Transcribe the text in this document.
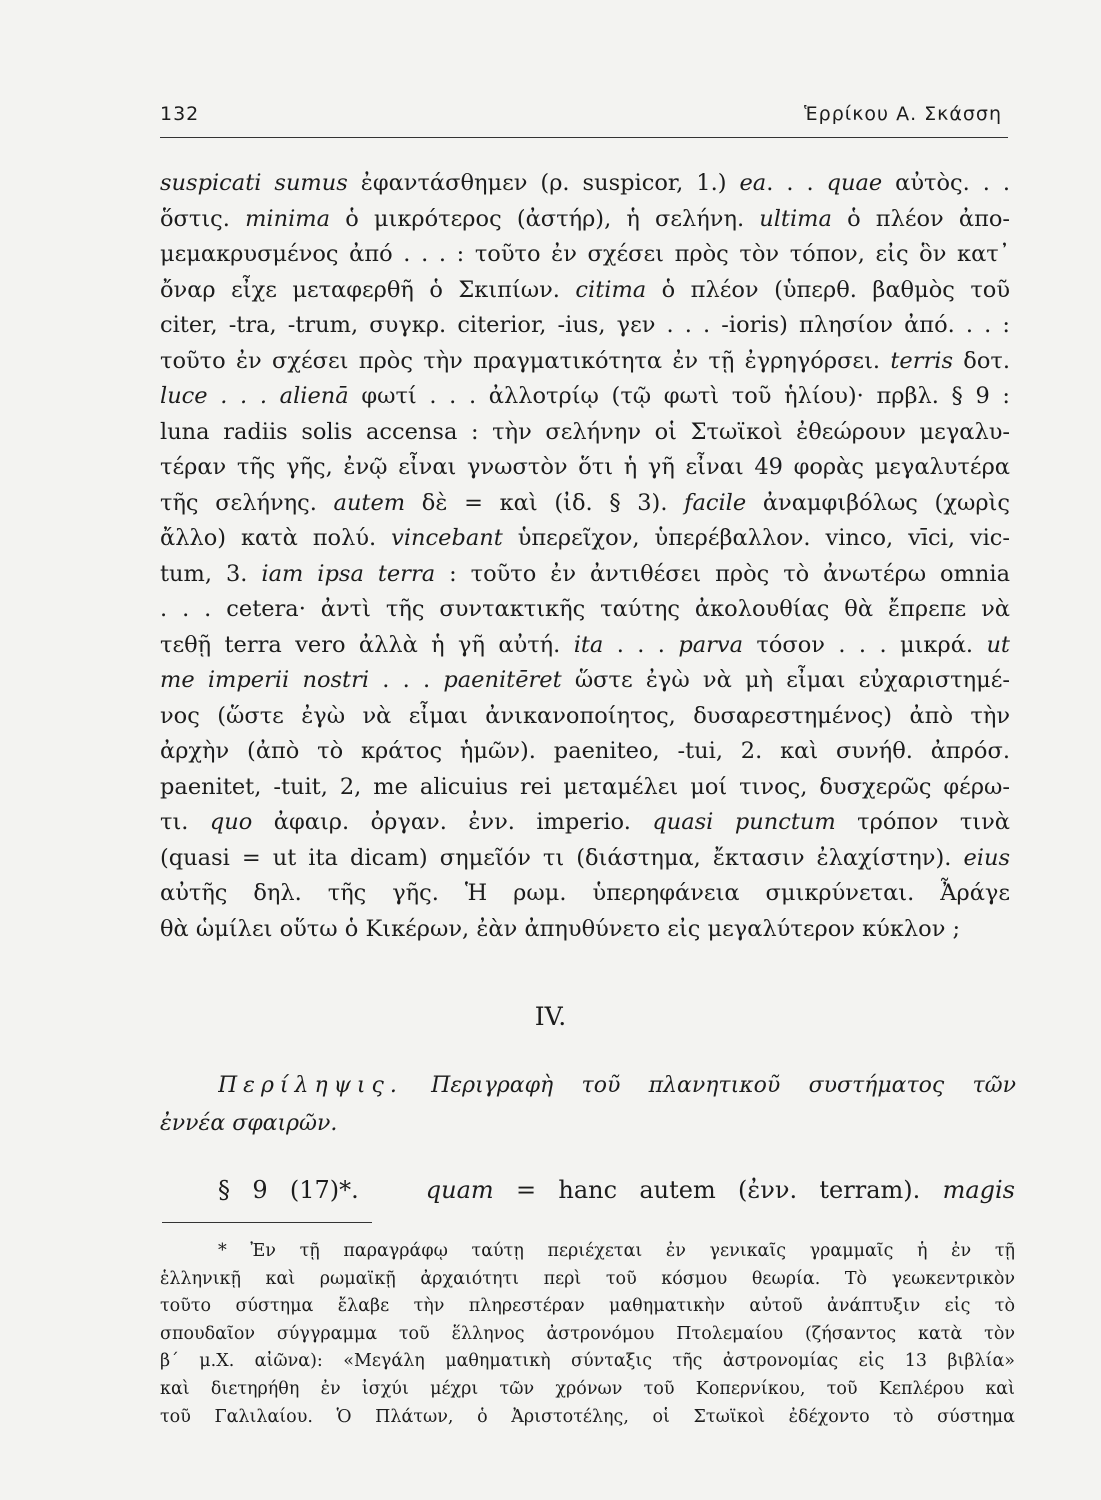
132	Ἑρρίκου Α. Σκάσση
suspicati sumus ἐφαντάσθημεν (ρ. suspicor, 1.) ea. . . quae αὐτὸς. . .
ὅστις. minima ὁ μικρότερος (ἀστήρ), ἡ σελήνη. ultima ὁ πλέον ἀπο-
μεμακρυσμένος ἀπό . . . : τοῦτο ἐν σχέσει πρὸς τὸν τόπον, εἰς ὃν κατ᾿
ὄναρ εἶχε μεταφερθῆ ὁ Σκιπίων. citima ὁ πλέον (ὑπερθ. βαθμὸς τοῦ
citer, -tra, -trum, συγκρ. citerior, -ius, γεν . . . -ioris) πλησίον ἀπό. . . :
τοῦτο ἐν σχέσει πρὸς τὴν πραγματικότητα ἐν τῇ ἐγρηγόρσει. terris δοτ.
luce . . . alienā φωτί . . . ἀλλοτρίῳ (τῷ φωτὶ τοῦ ἡλίου)· πρβλ. § 9 :
luna radiis solis accensa : τὴν σελήνην οἱ Στωϊκοὶ ἐθεώρουν μεγαλυ-
τέραν τῆς γῆς, ἐνῷ εἶναι γνωστὸν ὅτι ἡ γῆ εἶναι 49 φορὰς μεγαλυτέρα
τῆς σελήνης. autem δὲ = καὶ (ἰδ. § 3). facile ἀναμφιβόλως (χωρὶς
ἄλλο) κατὰ πολύ. vincebant ὑπερεῖχον, ὑπερέβαλλον. vinco, vīci, vic-
tum, 3. iam ipsa terra : τοῦτο ἐν ἀντιθέσει πρὸς τὸ ἀνωτέρω omnia
. . . cetera· ἀντὶ τῆς συντακτικῆς ταύτης ἀκολουθίας θὰ ἔπρεπε νὰ
τεθῇ terra vero ἀλλὰ ἡ γῆ αὐτή. ita . . . parva τόσον . . . μικρά. ut
me imperii nostri . . . paenitēret ὥστε ἐγὼ νὰ μὴ εἶμαι εὐχαριστημέ-
νος (ὥστε ἐγὼ νὰ εἶμαι ἀνικανοποίητος, δυσαρεστημένος) ἀπὸ τὴν
ἀρχὴν (ἀπὸ τὸ κράτος ἡμῶν). paeniteo, -tui, 2. καὶ συνήθ. ἀπρόσ.
paenitet, -tuit, 2, me alicuius rei μεταμέλει μοί τινος, δυσχερῶς φέρω-
τι. quo ἀφαιρ. ὀργαν. ἐνν. imperio. quasi punctum τρόπον τινὰ
(quasi = ut ita dicam) σημεῖόν τι (διάστημα, ἔκτασιν ἐλαχίστην). eius
αὐτῆς δηλ. τῆς γῆς. Ἡ ρωμ. ὑπερηφάνεια σμικρύνεται. Ἆράγε
θὰ ὡμίλει οὕτω ὁ Κικέρων, ἐὰν ἀπηυθύνετο εἰς μεγαλύτερον κύκλον ;
IV.
Περίληψις. Περιγραφὴ τοῦ πλανητικοῦ συστήματος τῶν
ἐννέα σφαιρῶν.
§ 9 (17)*.	quam = hanc autem (ἐνν. terram). magis
* Ἐν τῇ παραγράφῳ ταύτῃ περιέχεται ἐν γενικαῖς γραμμαῖς ἡ ἐν τῇ
ἑλληνικῇ καὶ ρωμαϊκῇ ἀρχαιότητι περὶ τοῦ κόσμου θεωρία. Τὸ γεωκεντρικὸν
τοῦτο σύστημα ἔλαβε τὴν πληρεστέραν μαθηματικὴν αὐτοῦ ἀνάπτυξιν εἰς τὸ
σπουδαῖον σύγγραμμα τοῦ ἕλληνος ἀστρονόμου Πτολεμαίου (ζήσαντος κατὰ τὸν
β΄ μ.Χ. αἰῶνα): «Μεγάλη μαθηματικὴ σύνταξις τῆς ἀστρονομίας εἰς 13 βιβλία»
καὶ διετηρήθη ἐν ἰσχύι μέχρι τῶν χρόνων τοῦ Κοπερνίκου, τοῦ Κεπλέρου καὶ
τοῦ Γαλιλαίου. Ὁ Πλάτων, ὁ Ἀριστοτέλης, οἱ Στωϊκοὶ ἐδέχοντο τὸ σύστημα
